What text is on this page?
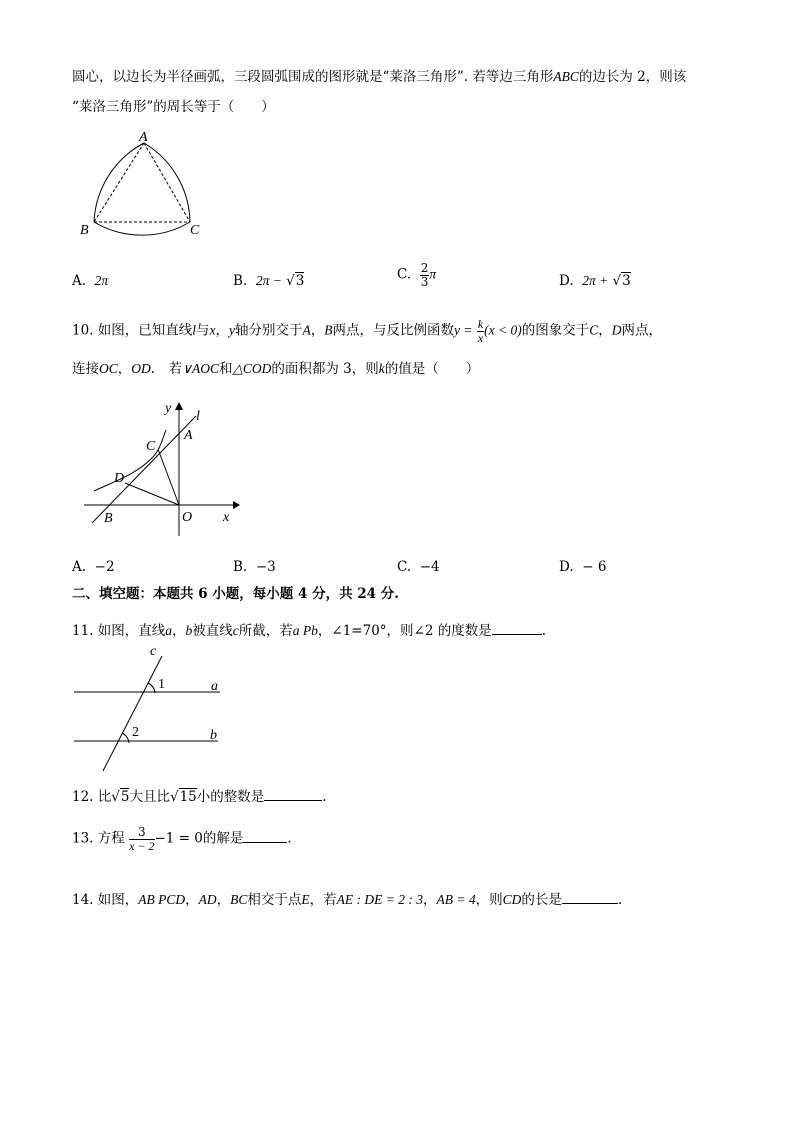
圆心，以边长为半径画弧，三段圆弧围成的图形就是“莱洛三角形”. 若等边三角形ABC的边长为 2，则该
“莱洛三角形”的周长等于（　　）
A
B	C
A. 2π	B. 2π − √3	C. $\frac{2}{3}$ π	D. 2π + √3
10. 如图，已知直线l与x，y轴分别交于A，B两点，与反比例函数$y = \frac{k}{x} (x < 0)$的图象交于C，D两点，
连接OC，OD． 若∨AOC和△COD的面积都为 3，则k的值是（　　）
y
l
A
C
D
B	O x
A. −2	B. −3	C. −4	D. − 6
二、填空题：本题共 6 小题，每小题 4 分，共 24 分.
11. 如图，直线a，b被直线c所截，若a Pb，∠1=70°，则∠2 的度数是	.
c
a
b
1
2
12. 比√5大且比√15小的整数是	.
13. 方程 $\frac{3}{x - 2} -1 = 0$的解是	.
14. 如图，AB PCD，AD，BC相交于点E，若AE : DE = 2 : 3，AB = 4，则CD的长是	.
